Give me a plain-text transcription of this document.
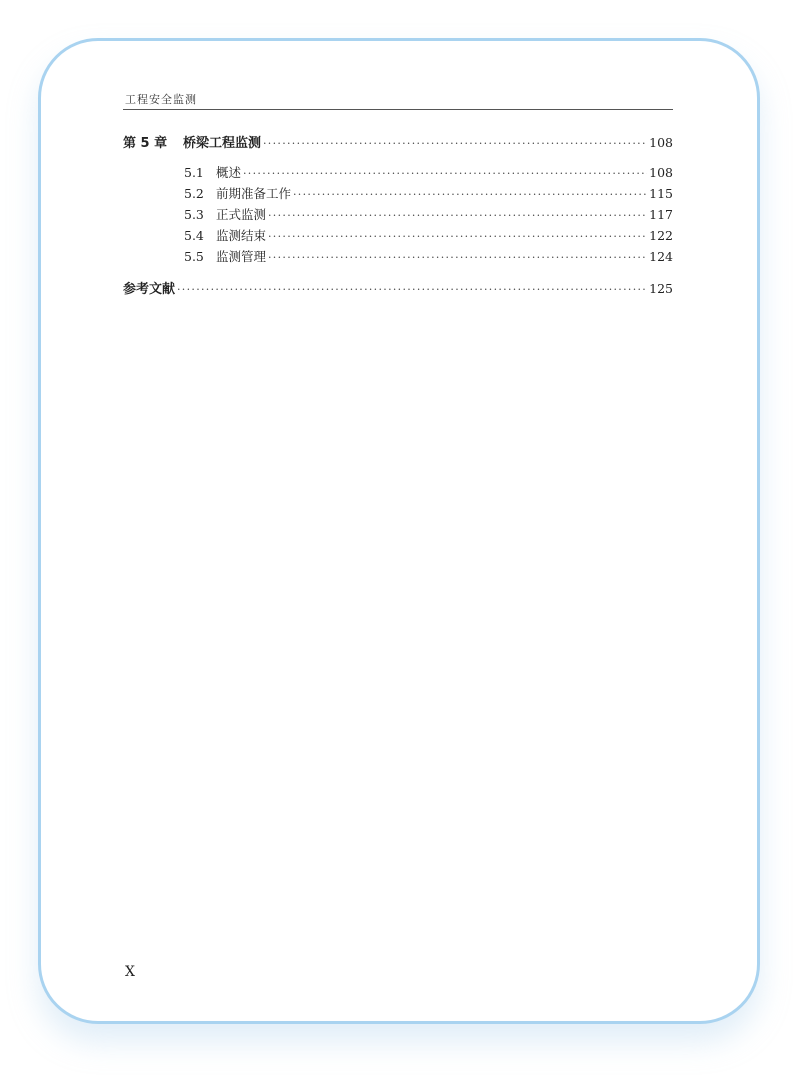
工程安全监测
第 5 章	桥梁工程监测 ·····	108
5.1 概述 ·····	108
5.2 前期准备工作 ·····	115
5.3 正式监测 ·····	117
5.4 监测结束 ·····	122
5.5 监测管理 ·····	124
参考文献 ·····	125
X
